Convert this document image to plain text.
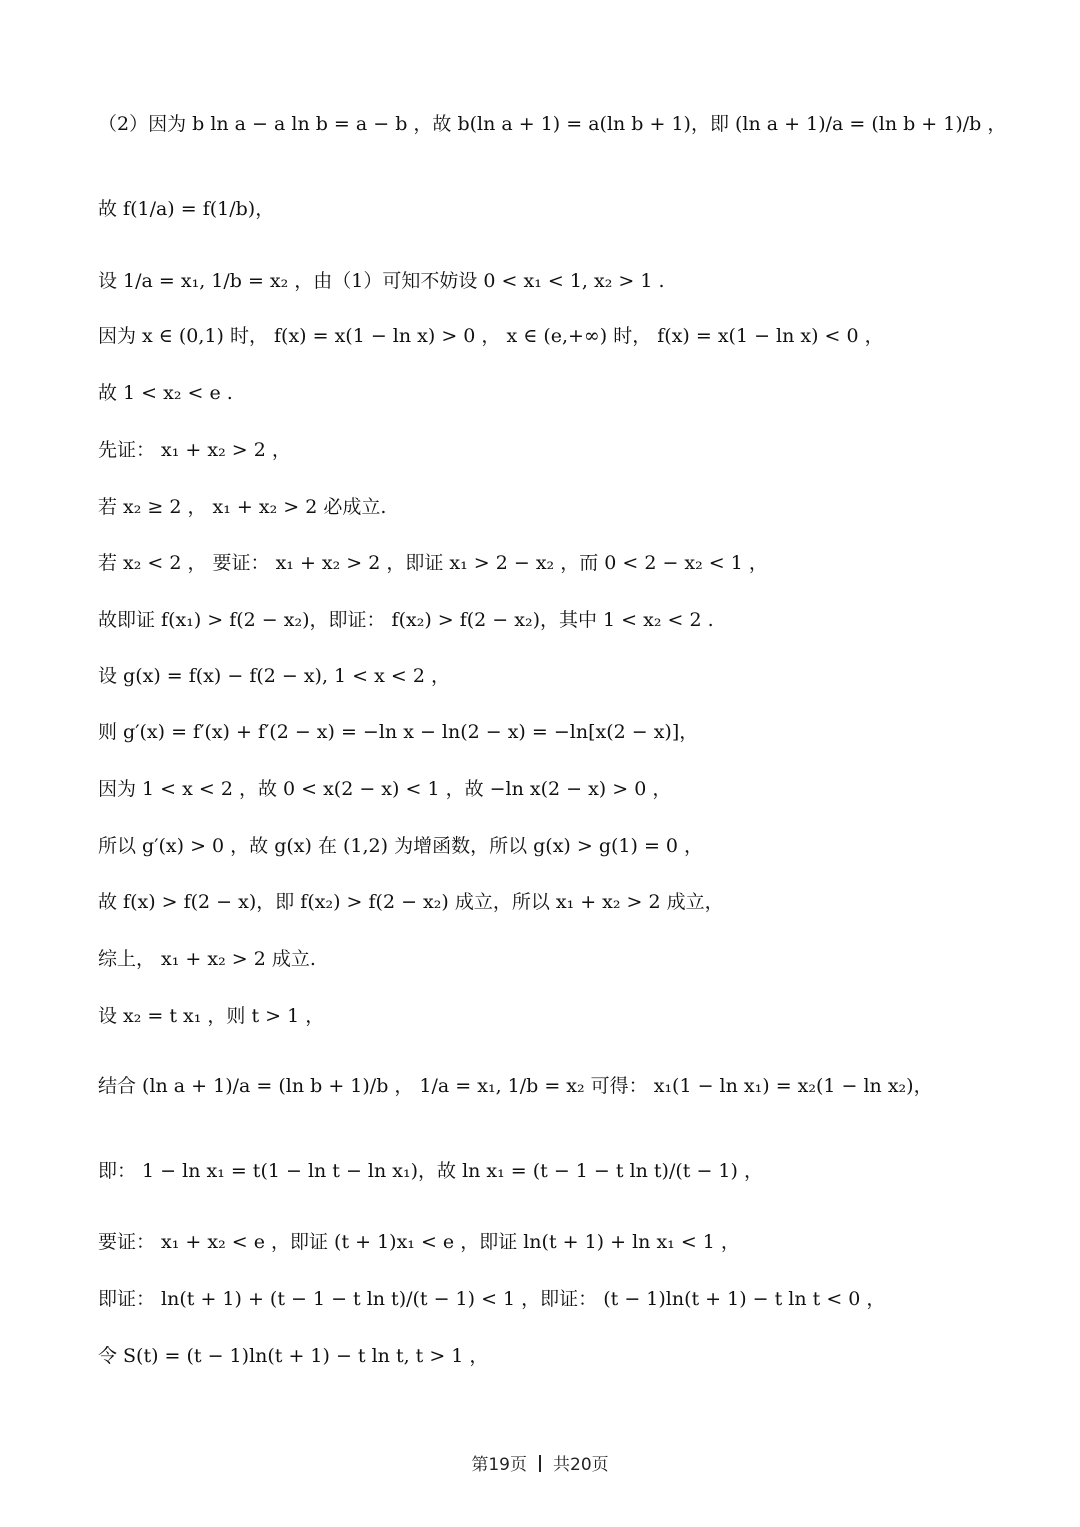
（2）因为 b ln a − a ln b = a − b ，故 b(ln a + 1) = a(ln b + 1)，即 (ln a + 1)/a = (ln b + 1)/b ，
故 f(1/a) = f(1/b)，
设 1/a = x₁, 1/b = x₂ ，由（1）可知不妨设 0 < x₁ < 1, x₂ > 1 .
因为 x ∈ (0,1) 时， f(x) = x(1 − ln x) > 0 ， x ∈ (e,+∞) 时， f(x) = x(1 − ln x) < 0 ，
故 1 < x₂ < e .
先证： x₁ + x₂ > 2 ，
若 x₂ ≥ 2 ， x₁ + x₂ > 2 必成立.
若 x₂ < 2 ， 要证： x₁ + x₂ > 2 ，即证 x₁ > 2 − x₂ ，而 0 < 2 − x₂ < 1 ，
故即证 f(x₁) > f(2 − x₂)，即证： f(x₂) > f(2 − x₂)，其中 1 < x₂ < 2 .
设 g(x) = f(x) − f(2 − x), 1 < x < 2 ，
则 g′(x) = f′(x) + f′(2 − x) = −ln x − ln(2 − x) = −ln[x(2 − x)]，
因为 1 < x < 2 ，故 0 < x(2 − x) < 1 ，故 −ln x(2 − x) > 0 ，
所以 g′(x) > 0 ，故 g(x) 在 (1,2) 为增函数，所以 g(x) > g(1) = 0 ，
故 f(x) > f(2 − x)，即 f(x₂) > f(2 − x₂) 成立，所以 x₁ + x₂ > 2 成立，
综上， x₁ + x₂ > 2 成立.
设 x₂ = t x₁ ，则 t > 1 ，
结合 (ln a + 1)/a = (ln b + 1)/b ， 1/a = x₁, 1/b = x₂ 可得： x₁(1 − ln x₁) = x₂(1 − ln x₂)，
即： 1 − ln x₁ = t(1 − ln t − ln x₁)，故 ln x₁ = (t − 1 − t ln t)/(t − 1) ，
要证： x₁ + x₂ < e ，即证 (t + 1)x₁ < e ，即证 ln(t + 1) + ln x₁ < 1 ，
即证： ln(t + 1) + (t − 1 − t ln t)/(t − 1) < 1 ，即证： (t − 1)ln(t + 1) − t ln t < 0 ，
令 S(t) = (t − 1)ln(t + 1) − t ln t, t > 1 ，
第19页 共20页
